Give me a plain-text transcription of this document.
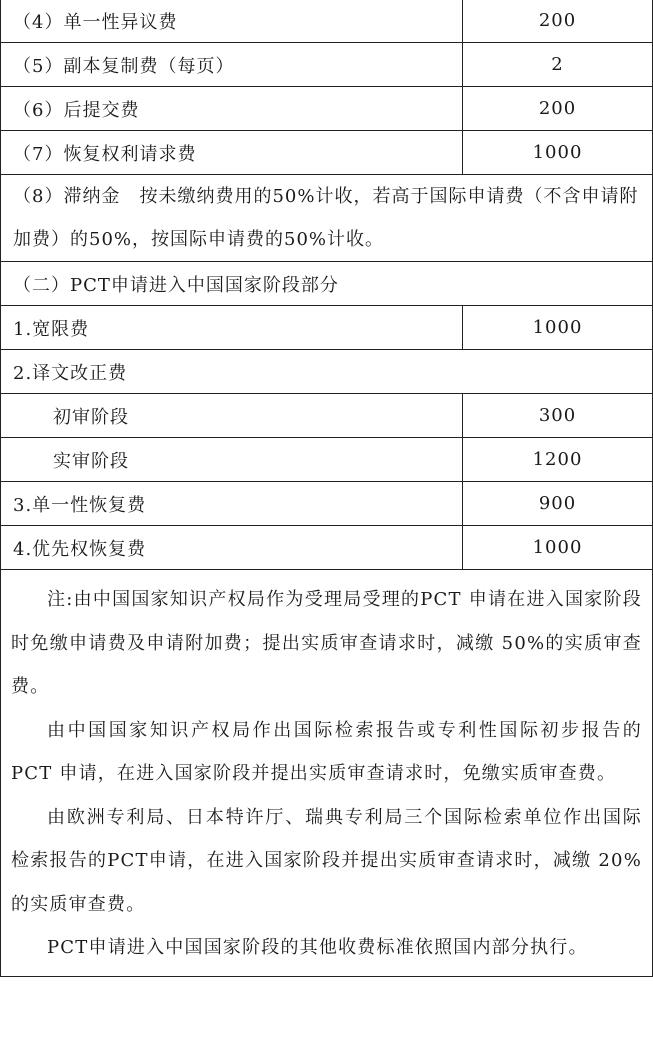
（4）单一性异议费	200
（5）副本复制费（每页）	2
（6）后提交费	200
（7）恢复权利请求费	1000
（8）滞纳金　按未缴纳费用的50%计收，若高于国际申请费（不含申请附加费）的50%，按国际申请费的50%计收。	
（二）PCT申请进入中国国家阶段部分	
1.宽限费	1000
2.译文改正费	
初审阶段	300
实审阶段	1200
3.单一性恢复费	900
4.优先权恢复费	1000

注:由中国国家知识产权局作为受理局受理的PCT 申请在进入国家阶段时免缴申请费及申请附加费；提出实质审查请求时，减缴 50%的实质审查费。

由中国国家知识产权局作出国际检索报告或专利性国际初步报告的 PCT 申请，在进入国家阶段并提出实质审查请求时，免缴实质审查费。

由欧洲专利局、日本特许厅、瑞典专利局三个国际检索单位作出国际检索报告的PCT申请，在进入国家阶段并提出实质审查请求时，减缴 20%的实质审查费。

PCT申请进入中国国家阶段的其他收费标准依照国内部分执行。	
